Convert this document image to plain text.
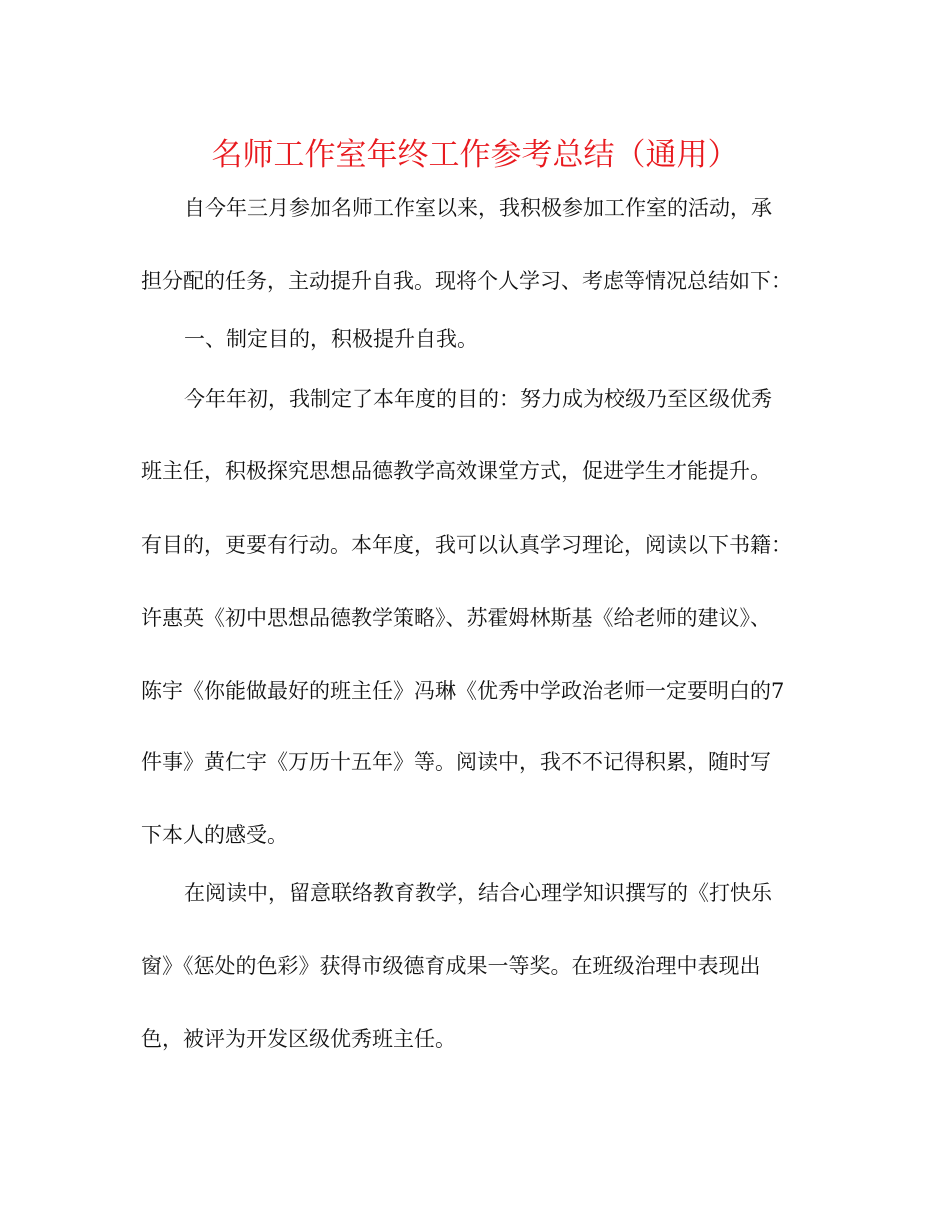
名师工作室年终工作参考总结（通用）

自今年三月参加名师工作室以来，我积极参加工作室的活动，承

担分配的任务，主动提升自我。现将个人学习、考虑等情况总结如下：

一、制定目的，积极提升自我。

今年年初，我制定了本年度的目的：努力成为校级乃至区级优秀

班主任，积极探究思想品德教学高效课堂方式，促进学生才能提升。

有目的，更要有行动。本年度，我可以认真学习理论，阅读以下书籍：

许惠英《初中思想品德教学策略》、苏霍姆林斯基《给老师的建议》、

陈宇《你能做最好的班主任》冯琳《优秀中学政治老师一定要明白的7

件事》黄仁宇《万历十五年》等。阅读中，我不不记得积累，随时写

下本人的感受。

在阅读中，留意联络教育教学，结合心理学知识撰写的《打快乐

窗》《惩处的色彩》获得市级德育成果一等奖。在班级治理中表现出

色，被评为开发区级优秀班主任。
